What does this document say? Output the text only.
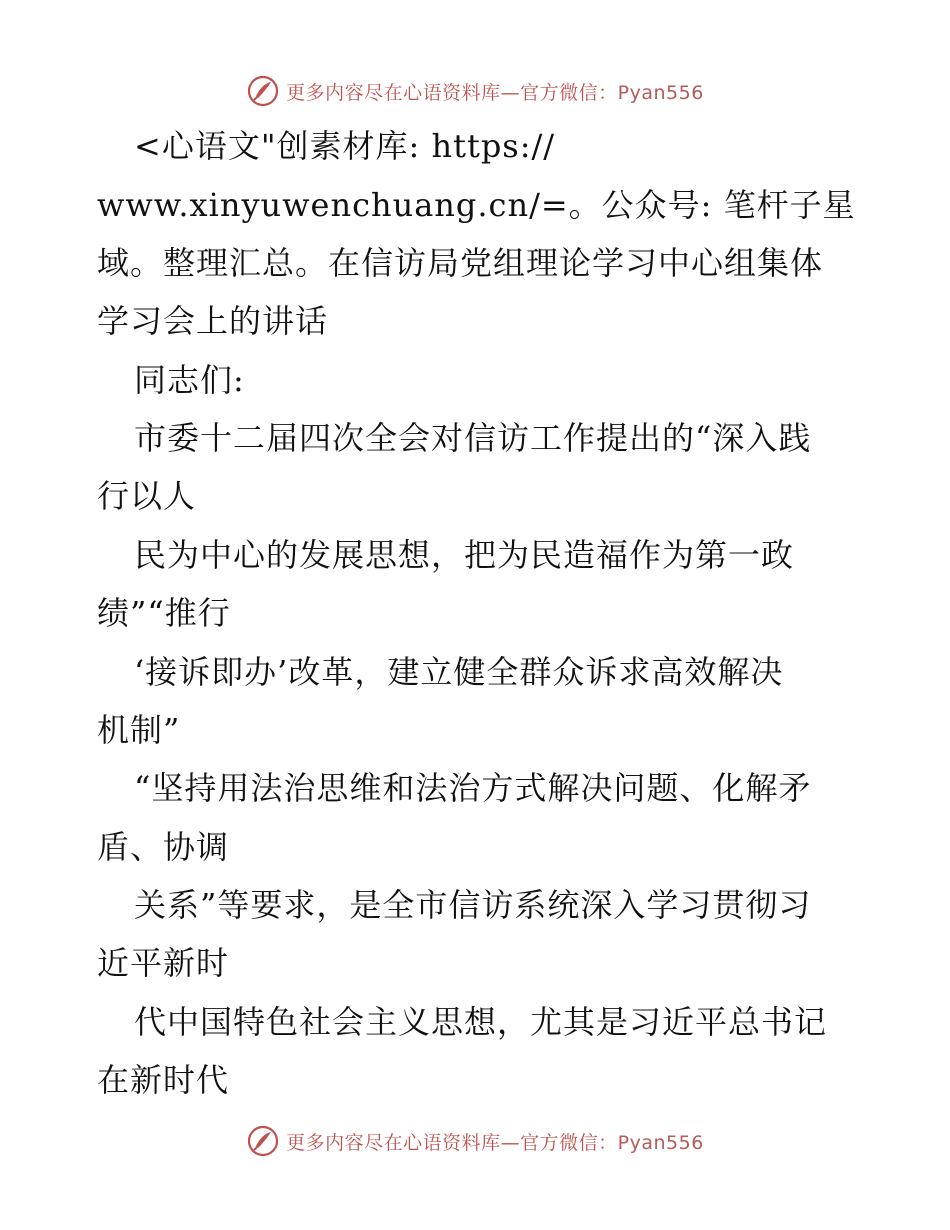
更多内容尽在心语资料库—官方微信：Pyan556
<心语文"创素材库: https://
www.xinyuwenchuang.cn/=。公众号: 笔杆子星
域。整理汇总。在信访局党组理论学习中心组集体
学习会上的讲话
同志们:
市委十二届四次全会对信访工作提出的“深入践
行以人
民为中心的发展思想，把为民造福作为第一政
绩”“推行
‘接诉即办’改革，建立健全群众诉求高效解决
机制”
“坚持用法治思维和法治方式解决问题、化解矛
盾、协调
关系”等要求，是全市信访系统深入学习贯彻习
近平新时
代中国特色社会主义思想，尤其是习近平总书记
在新时代
更多内容尽在心语资料库—官方微信：Pyan556
